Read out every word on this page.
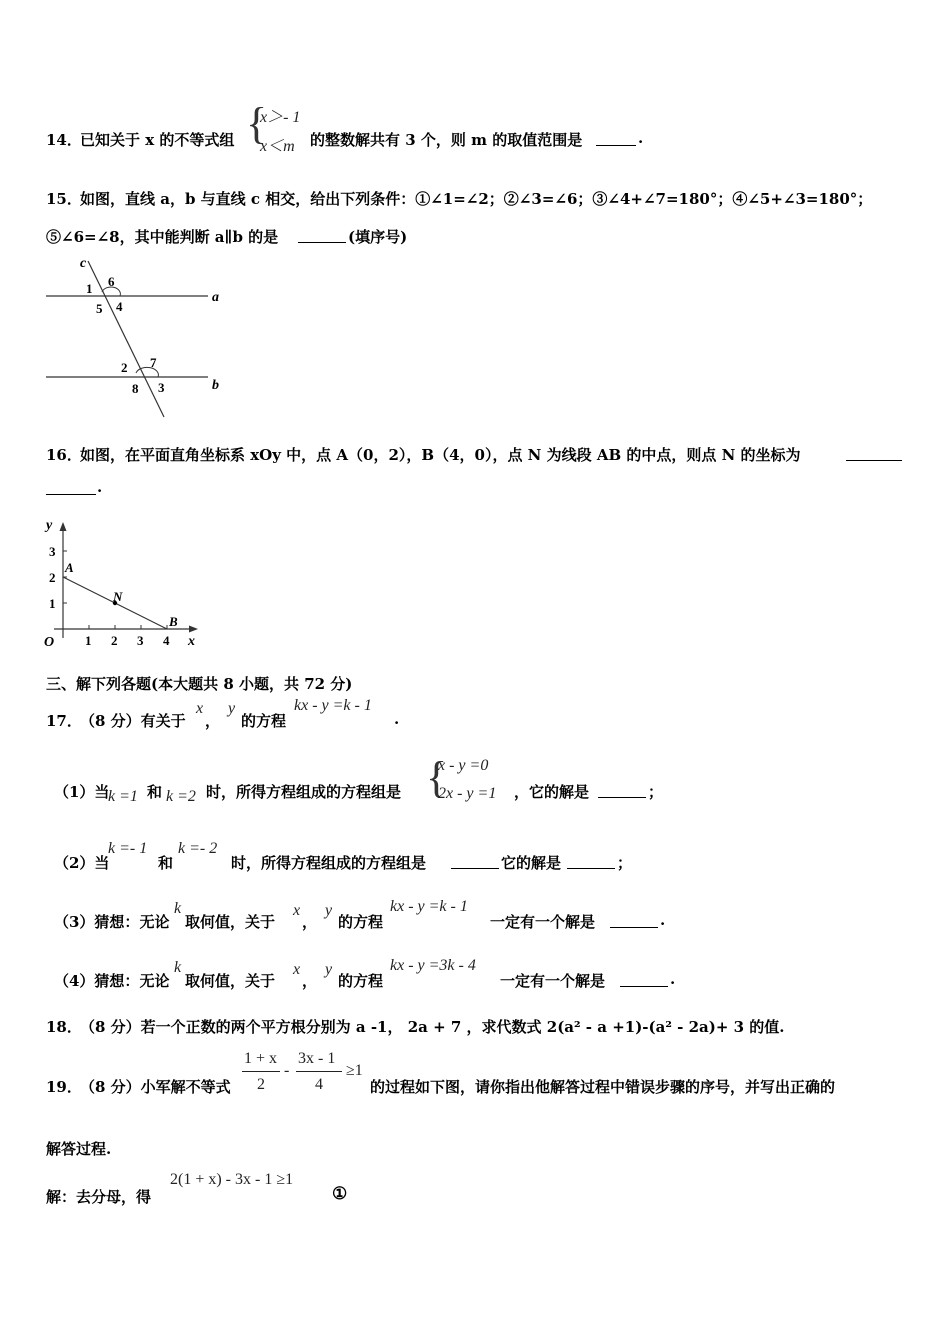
14．
已知关于 x 的不等式组 {
x＞- 1
x＜m 的整数解共有 3 个，则 m 的取值范围是	.
15．
如图，直线 a，b 与直线 c 相交，给出下列条件：①∠1=∠2；②∠3=∠6；③∠4+∠7=180°；④∠5+∠3=180°；
⑤∠6=∠8，其中能判断 a∥b 的是	(填序号)
c
a
b
1 6
5 4
2 7
8 3
16．
如图，在平面直角坐标系 xOy 中，点 A（0，2），B（4，0），点 N 为线段 AB 的中点，则点 N 的坐标为
.
y
x
O
A
B
N
3
2
1
1 2 3 4
三、解下列各题(本大题共 8 小题，共 72 分)
17．
（8 分）有关于
x
，
y
的方程
kx - y =k - 1
.
（1）当
k =1 和 k =2 时，所得方程组成的方程组是 {
x - y =0
2x - y =1 ，它的解是	；
（2）当
k =- 1
和
k =- 2
时，所得方程组成的方程组是	它的解是	；
（3）猜想：无论
k
取何值，关于
x
，
y
的方程
kx - y =k - 1
一定有一个解是	.
（4）猜想：无论
k
取何值，关于
x
，
y
的方程
kx - y =3k - 4
一定有一个解是	.
18．
（8 分）若一个正数的两个平方根分别为 a -1， 2a + 7 ，求代数式 2(a² - a +1)-(a² - 2a)+ 3 的值.
19．
（8 分）小军解不等式
1 + x
2
-
3x - 1
4
≥1
的过程如下图，请你指出他解答过程中错误步骤的序号，并写出正确的
解答过程.
解：去分母，得
2(1 + x) - 3x - 1 ≥1
①
